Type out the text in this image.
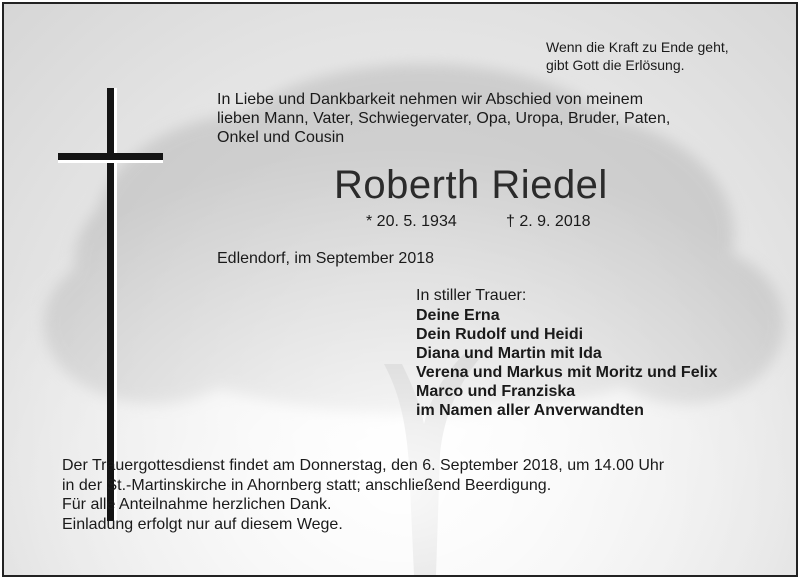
Wenn die Kraft zu Ende geht,
gibt Gott die Erlösung.
In Liebe und Dankbarkeit nehmen wir Abschied von meinem
lieben Mann, Vater, Schwiegervater, Opa, Uropa, Bruder, Paten,
Onkel und Cousin
Roberth Riedel
* 20. 5. 1934	† 2. 9. 2018
Edlendorf, im September 2018
In stiller Trauer:
Deine Erna
Dein Rudolf und Heidi
Diana und Martin mit Ida
Verena und Markus mit Moritz und Felix
Marco und Franziska
im Namen aller Anverwandten
Der Trauergottesdienst findet am Donnerstag, den 6. September 2018, um 14.00 Uhr
in der St.-Martinskirche in Ahornberg statt; anschließend Beerdigung.
Für alle Anteilnahme herzlichen Dank.
Einladung erfolgt nur auf diesem Wege.
